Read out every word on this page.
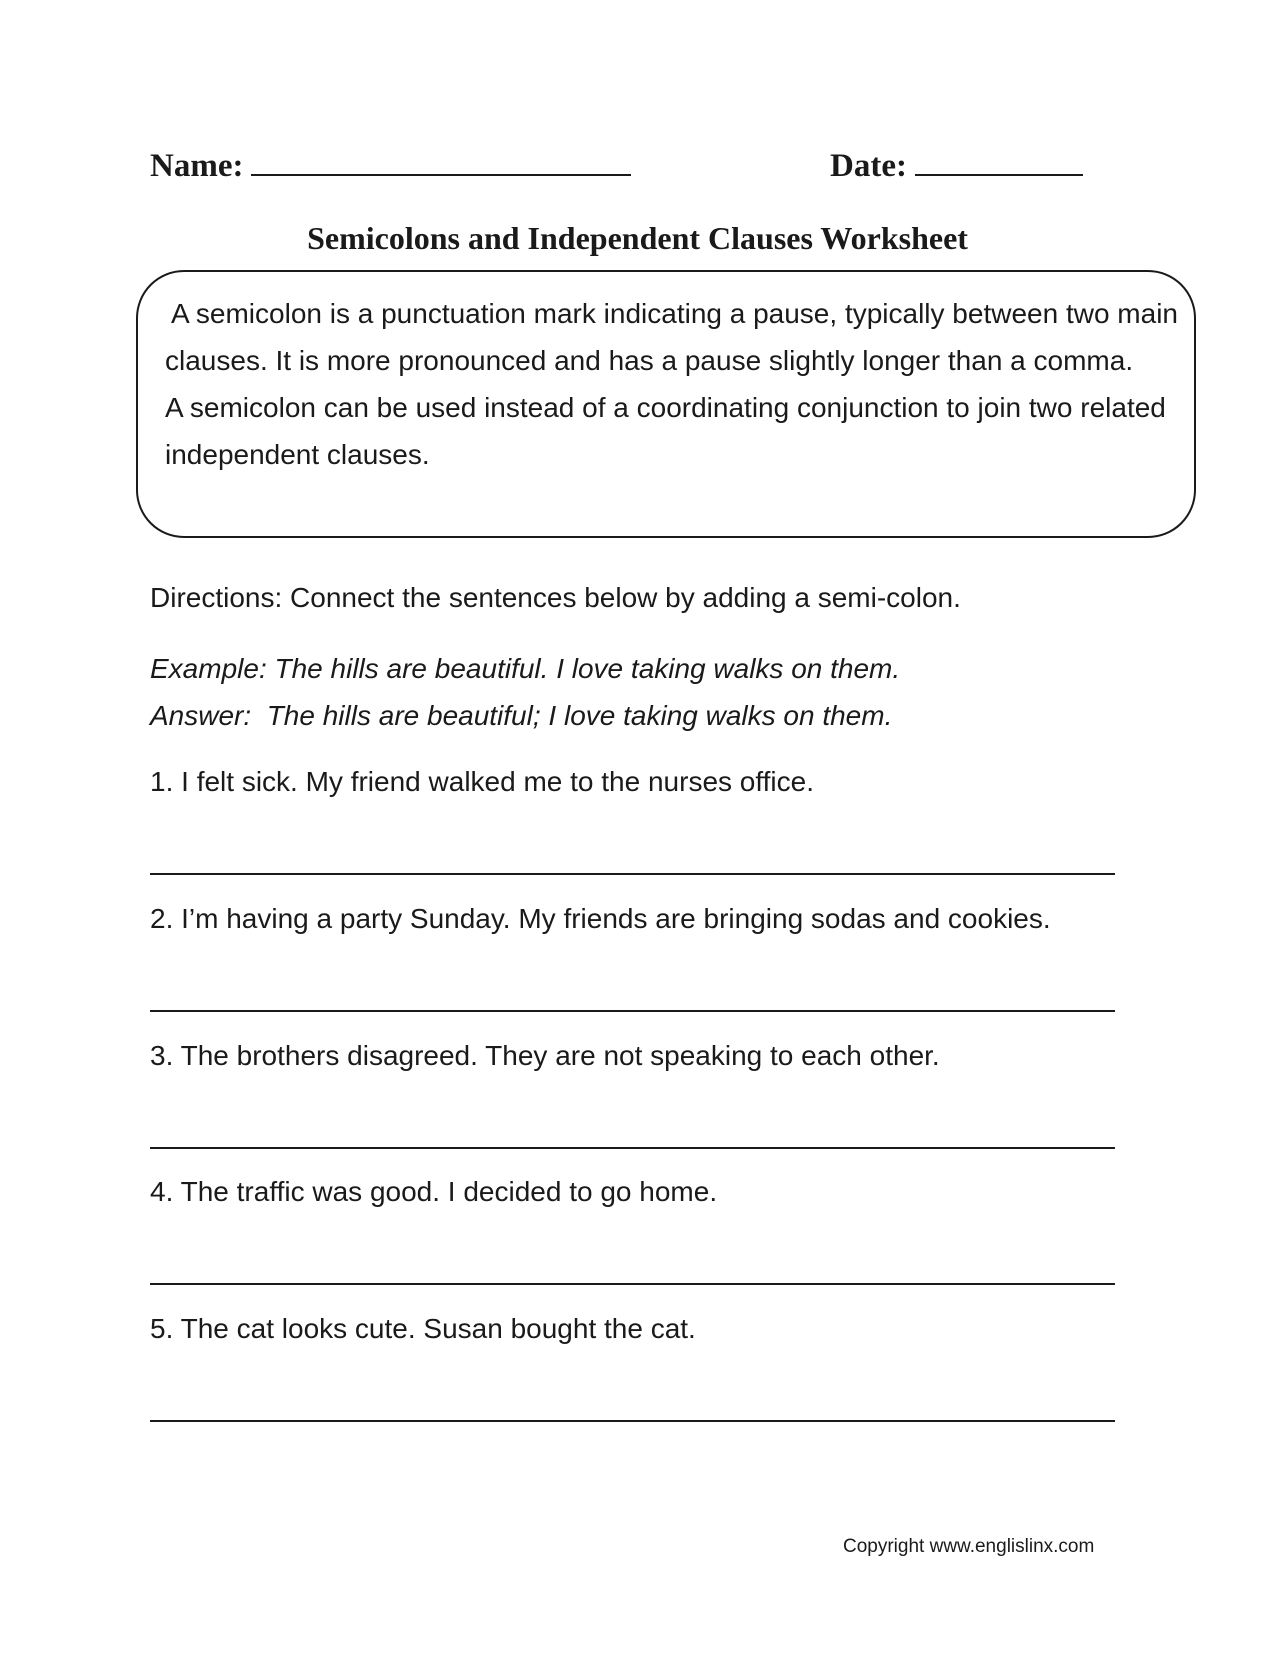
Name:	Date:
Semicolons and Independent Clauses Worksheet

A semicolon is a punctuation mark indicating a pause, typically between two main clauses. It is more pronounced and has a pause slightly longer than a comma.

A semicolon can be used instead of a coordinating conjunction to join two related independent clauses.

Directions: Connect the sentences below by adding a semi-colon.
Example: The hills are beautiful. I love taking walks on them.
Answer:  The hills are beautiful; I love taking walks on them.
1. I felt sick. My friend walked me to the nurses office.
2. I’m having a party Sunday. My friends are bringing sodas and cookies.
3. The brothers disagreed. They are not speaking to each other.
4. The traffic was good. I decided to go home.
5. The cat looks cute. Susan bought the cat.
Copyright www.englislinx.com
